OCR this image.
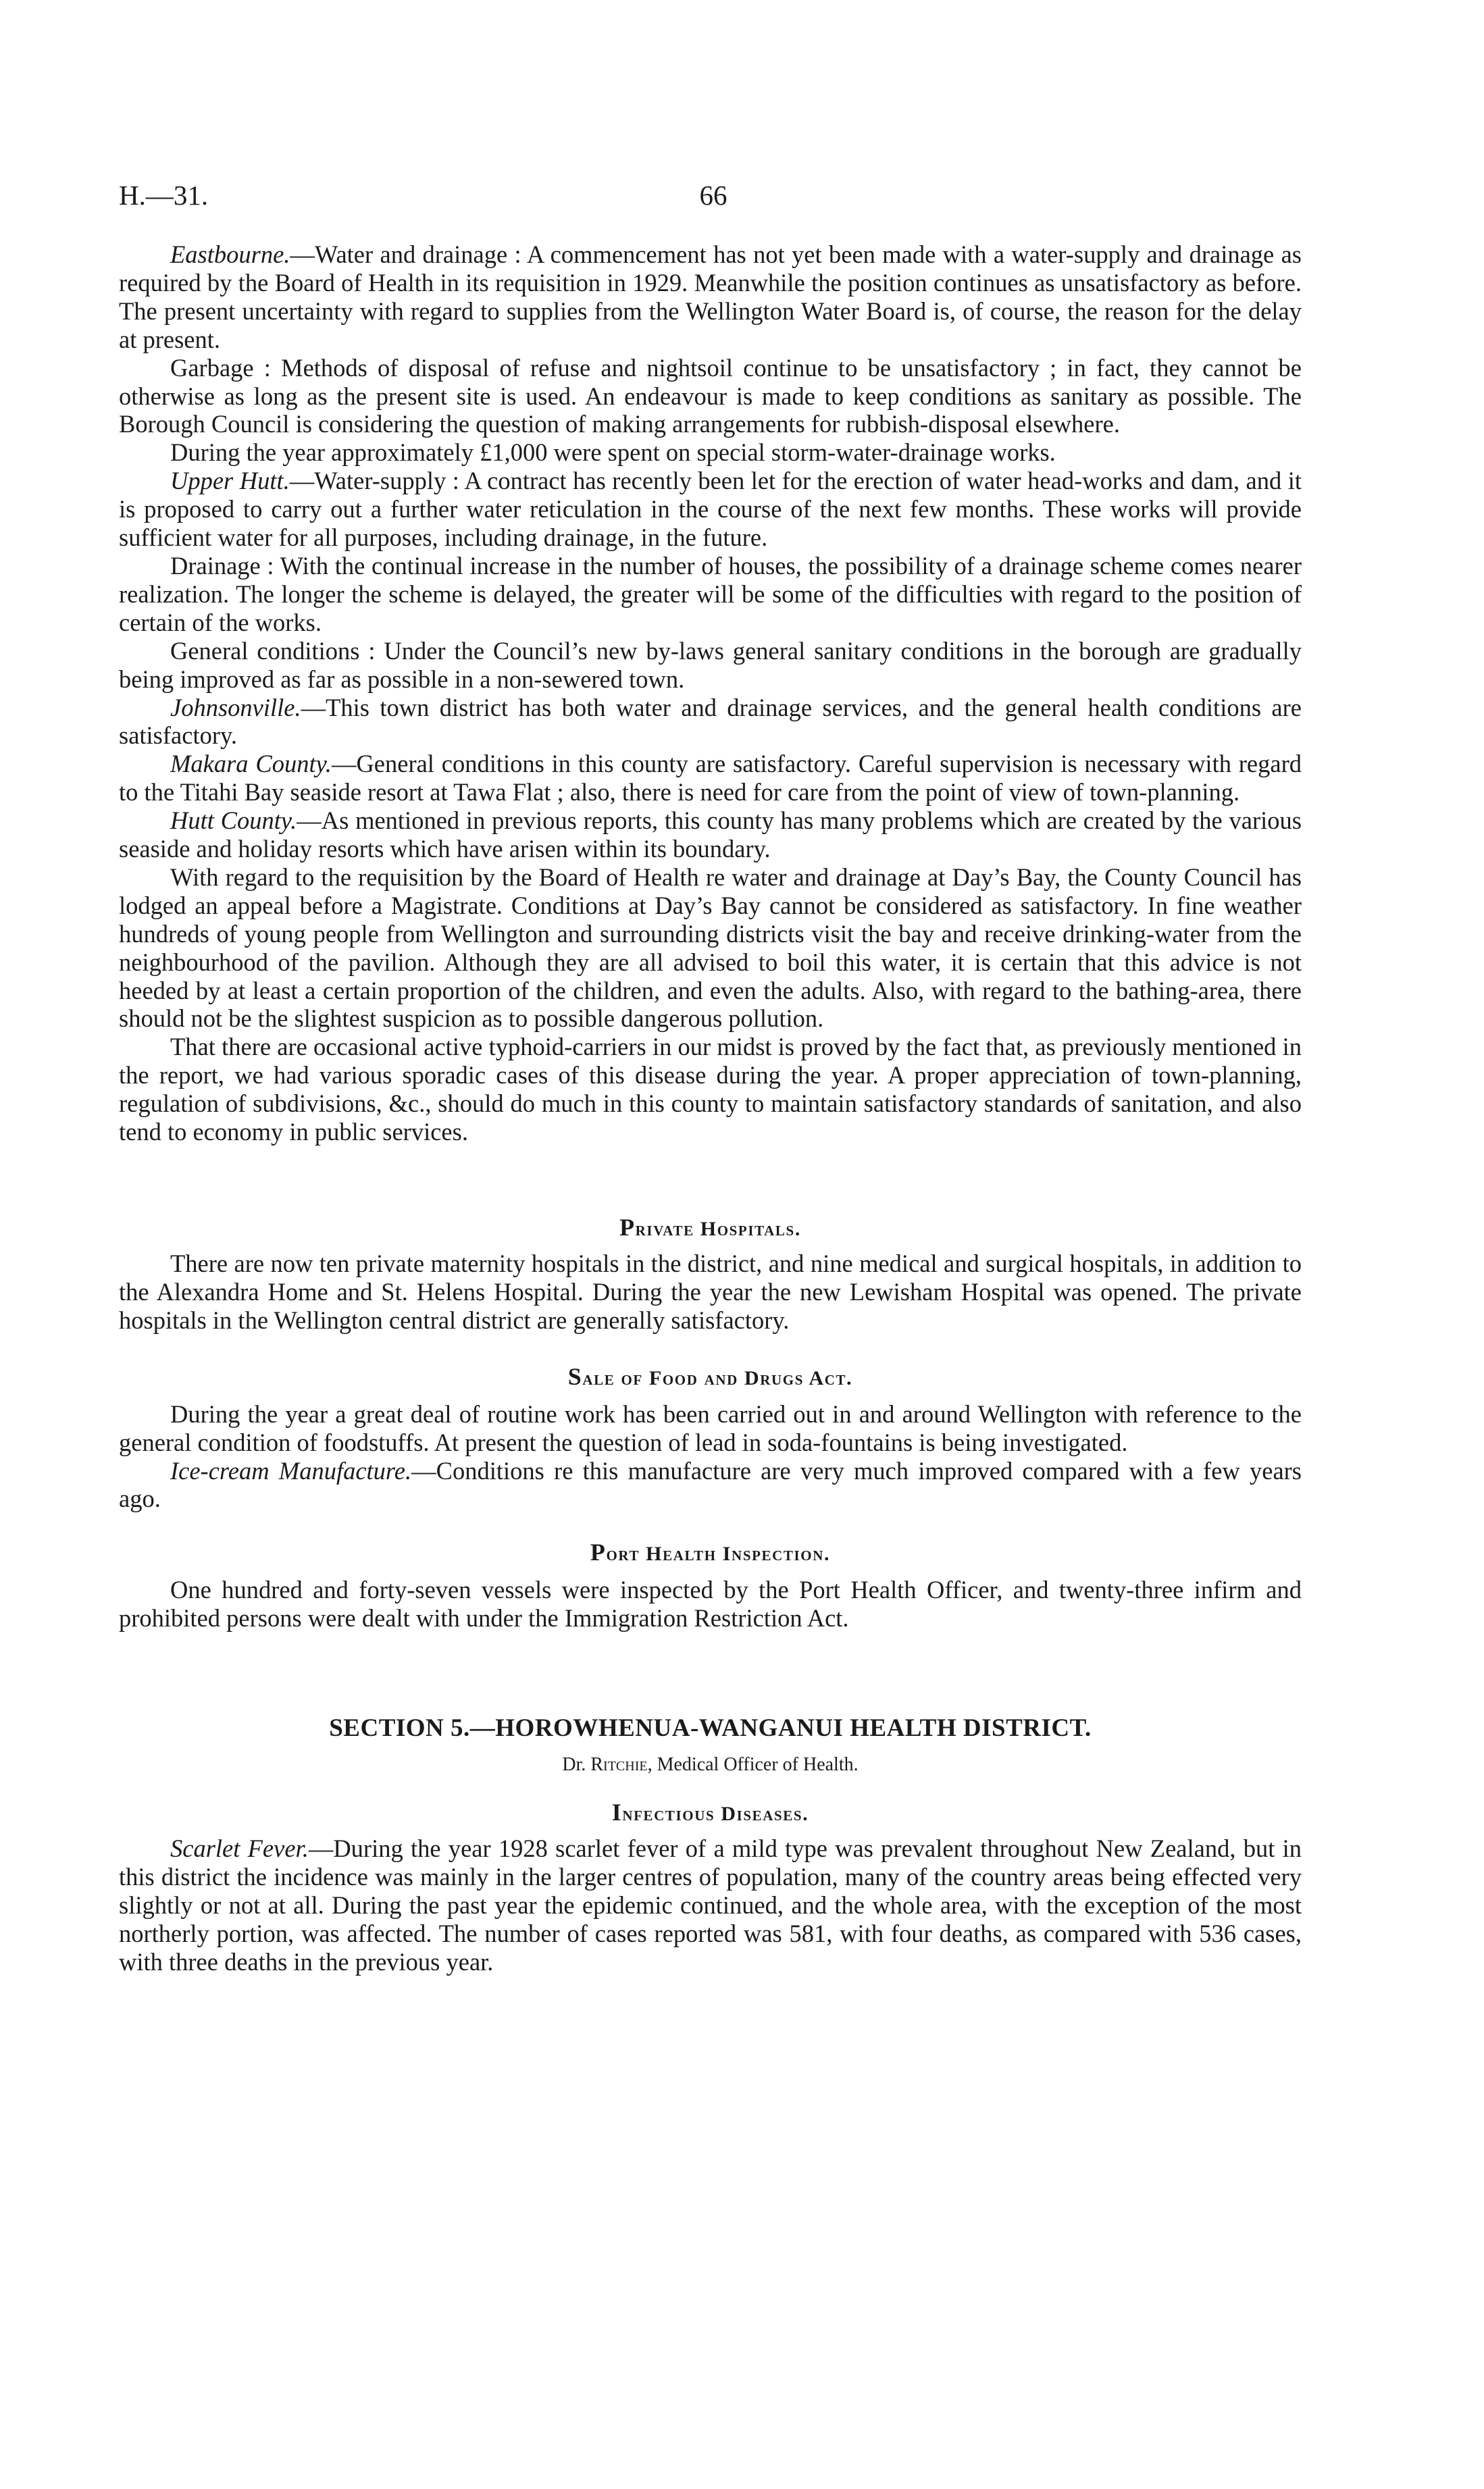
H.—31.	66

Eastbourne.—Water and drainage : A commencement has not yet been made with a water-supply and drainage as required by the Board of Health in its requisition in 1929. Meanwhile the position continues as unsatisfactory as before. The present uncertainty with regard to supplies from the Wellington Water Board is, of course, the reason for the delay at present.

Garbage : Methods of disposal of refuse and nightsoil continue to be unsatisfactory ; in fact, they cannot be otherwise as long as the present site is used. An endeavour is made to keep conditions as sanitary as possible. The Borough Council is considering the question of making arrangements for rubbish-disposal elsewhere.

During the year approximately £1,000 were spent on special storm-water-drainage works.

Upper Hutt.—Water-supply : A contract has recently been let for the erection of water head-works and dam, and it is proposed to carry out a further water reticulation in the course of the next few months. These works will provide sufficient water for all purposes, including drainage, in the future.

Drainage : With the continual increase in the number of houses, the possibility of a drainage scheme comes nearer realization. The longer the scheme is delayed, the greater will be some of the difficulties with regard to the position of certain of the works.

General conditions : Under the Council’s new by-laws general sanitary conditions in the borough are gradually being improved as far as possible in a non-sewered town.

Johnsonville.—This town district has both water and drainage services, and the general health conditions are satisfactory.

Makara County.—General conditions in this county are satisfactory. Careful supervision is necessary with regard to the Titahi Bay seaside resort at Tawa Flat ; also, there is need for care from the point of view of town-planning.

Hutt County.—As mentioned in previous reports, this county has many problems which are created by the various seaside and holiday resorts which have arisen within its boundary.

With regard to the requisition by the Board of Health re water and drainage at Day’s Bay, the County Council has lodged an appeal before a Magistrate. Conditions at Day’s Bay cannot be considered as satisfactory. In fine weather hundreds of young people from Wellington and surrounding districts visit the bay and receive drinking-water from the neighbourhood of the pavilion. Although they are all advised to boil this water, it is certain that this advice is not heeded by at least a certain proportion of the children, and even the adults. Also, with regard to the bathing-area, there should not be the slightest suspicion as to possible dangerous pollution.

That there are occasional active typhoid-carriers in our midst is proved by the fact that, as previously mentioned in the report, we had various sporadic cases of this disease during the year. A proper appreciation of town-planning, regulation of subdivisions, &c., should do much in this county to maintain satisfactory standards of sanitation, and also tend to economy in public services.

Private Hospitals.

There are now ten private maternity hospitals in the district, and nine medical and surgical hospitals, in addition to the Alexandra Home and St. Helens Hospital. During the year the new Lewisham Hospital was opened. The private hospitals in the Wellington central district are generally satisfactory.

Sale of Food and Drugs Act.

During the year a great deal of routine work has been carried out in and around Wellington with reference to the general condition of foodstuffs. At present the question of lead in soda-fountains is being investigated.

Ice-cream Manufacture.—Conditions re this manufacture are very much improved compared with a few years ago.

Port Health Inspection.

One hundred and forty-seven vessels were inspected by the Port Health Officer, and twenty-three infirm and prohibited persons were dealt with under the Immigration Restriction Act.

SECTION 5.—HOROWHENUA-WANGANUI HEALTH DISTRICT.

Dr. Ritchie, Medical Officer of Health.

Infectious Diseases.

Scarlet Fever.—During the year 1928 scarlet fever of a mild type was prevalent throughout New Zealand, but in this district the incidence was mainly in the larger centres of population, many of the country areas being effected very slightly or not at all. During the past year the epidemic continued, and the whole area, with the exception of the most northerly portion, was affected. The number of cases reported was 581, with four deaths, as compared with 536 cases, with three deaths in the previous year.
